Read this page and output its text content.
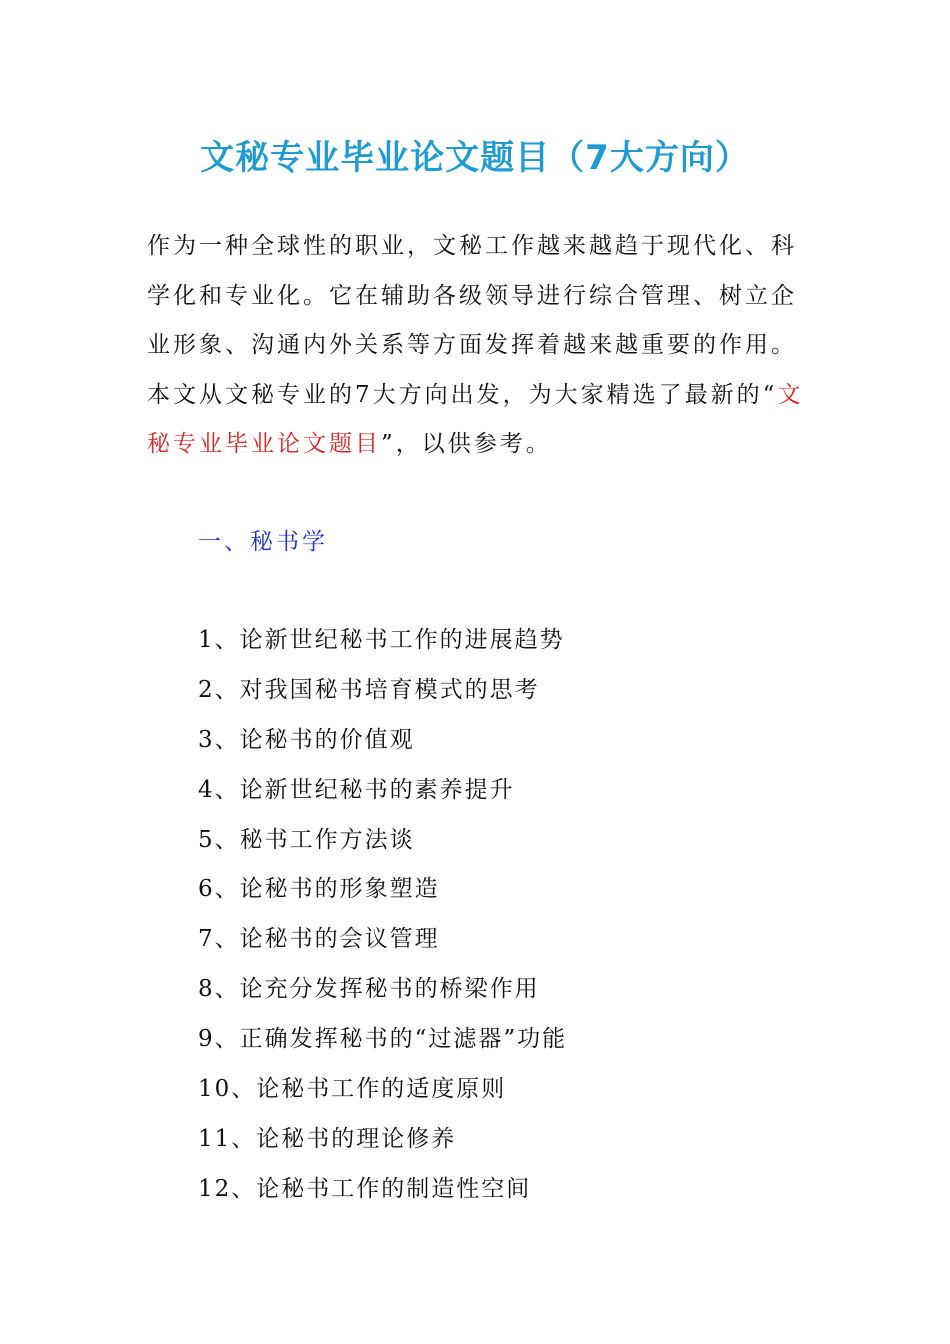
文秘专业毕业论文题目（7大方向）

作为一种全球性的职业，文秘工作越来越趋于现代化、科学化和专业化。它在辅助各级领导进行综合管理、树立企业形象、沟通内外关系等方面发挥着越来越重要的作用。本文从文秘专业的7大方向出发，为大家精选了最新的“文秘专业毕业论文题目”，以供参考。

一、秘书学
1、论新世纪秘书工作的进展趋势
2、对我国秘书培育模式的思考
3、论秘书的价值观
4、论新世纪秘书的素养提升
5、秘书工作方法谈
6、论秘书的形象塑造
7、论秘书的会议管理
8、论充分发挥秘书的桥梁作用
9、正确发挥秘书的“过滤器”功能
10、论秘书工作的适度原则
11、论秘书的理论修养
12、论秘书工作的制造性空间
